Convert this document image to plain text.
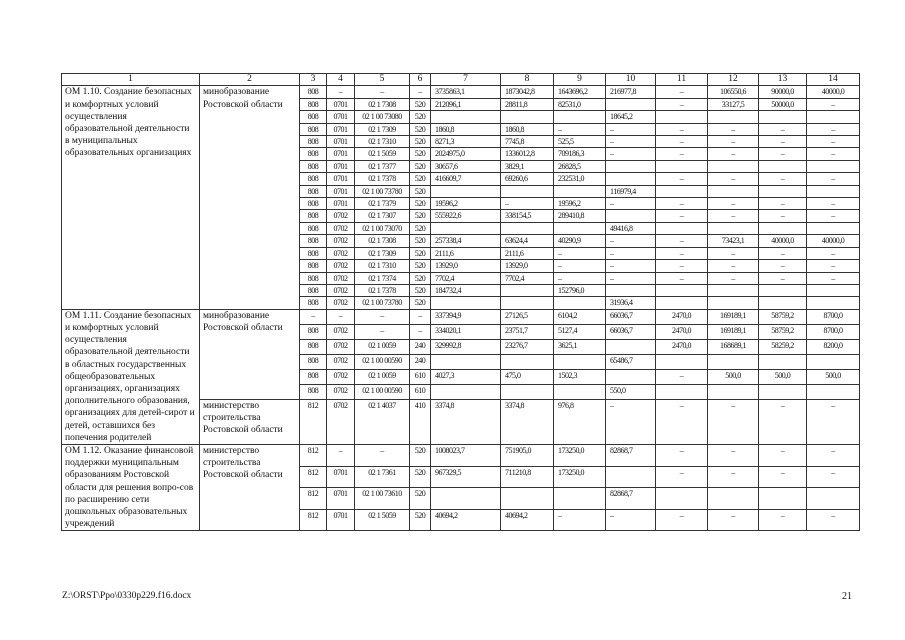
1	2	3	4	5	6	7	8	9	10	11	12	13	14
ОМ 1.10. Создание безопасных и комфортных условий осуществления образовательной деятельности в муниципальных образовательных организациях	минобразование Ростовской области	808	–	–	–	3735863,1	1873042,8	1643696,2	216977,8	–	106550,6	90000,0	40000,0
		808	0701	02 1 7308	520	212096,1	28811,8	82531,0		–	33127,5	50000,0	–
		808	0701	02 1 00 73080	520				18645,2				
		808	0701	02 1 7309	520	1860,8	1860,8	–	–	–	–	–	–
		808	0701	02 1 7310	520	8271,3	7745,8	525,5	–	–	–	–	–
		808	0701	02 1 5059	520	2024975,0	1336012,8	709186,3	–	–	–	–	–
		808	0701	02 1 7377	520	30657,6	3829,1	26828,5					
		808	0701	02 1 7378	520	416609,7	69260,6	232531,0		–	–	–	–
		808	0701	02 1 00 73780	520				116979,4				
		808	0701	02 1 7379	520	19596,2	–	19596,2	–	–	–	–	–
		808	0702	02 1 7307	520	555922,6	338154,5	289410,8		–	–	–	–
		808	0702	02 1 00 73070	520				49416,8				
		808	0702	02 1 7308	520	257338,4	63624,4	40290,9	–	–	73423,1	40000,0	40000,0
		808	0702	02 1 7309	520	2111,6	2111,6	–	–	–	–	–	–
		808	0702	02 1 7310	520	13929,0	13929,0	–	–	–	–	–	–
		808	0702	02 1 7374	520	7702,4	7702,4	–	–	–	–	–	–
		808	0702	02 1 7378	520	184732,4		152796,0					
		808	0702	02 1 00 73780	520				31936,4				
ОМ 1.11. Создание безопасных и комфортных условий осуществления образовательной деятельности в областных государственных общеобразовательных организациях, организациях дополнительного образования, организациях для детей-сирот и детей, оставшихся без попечения родителей	минобразование Ростовской области	–	–	–	–	337394,9	27126,5	6104,2	66036,7	2470,0	169189,1	58759,2	8700,0
		808	0702	–	–	334020,1	23751,7	5127,4	66036,7	2470,0	169189,1	58759,2	8700,0
		808	0702	02 1 0059	240	329992,8	23276,7	3625,1		2470,0	168689,1	58259,2	8200,0
		808	0702	02 1 00 00590	240				65486,7				
		808	0702	02 1 0059	610	4027,3	475,0	1502,3		–	500,0	500,0	500,0
		808	0702	02 1 00 00590	610				550,0				
	министерство строительства Ростовской области	812	0702	02 1 4037	410	3374,8	3374,8	976,8	–	–	–	–	–
ОМ 1.12. Оказание финансовой поддержки муниципальным образованиям Ростовской области для решения вопро-сов по расширению сети дошкольных образовательных учреждений	министерство строительства Ростовской области	812	–	–	520	1008023,7	751905,0	173250,0	82868,7	–	–	–	–
		812	0701	02 1 7361	520	967329,5	711210,8	173250,0		–	–	–	–
		812	0701	02 1 00 73610	520				82868,7				
		812	0701	02 1 5059	520	40694,2	40694,2	–	–	–	–	–	–
Z:\ORST\Ppo\0330p229.f16.docx	21
